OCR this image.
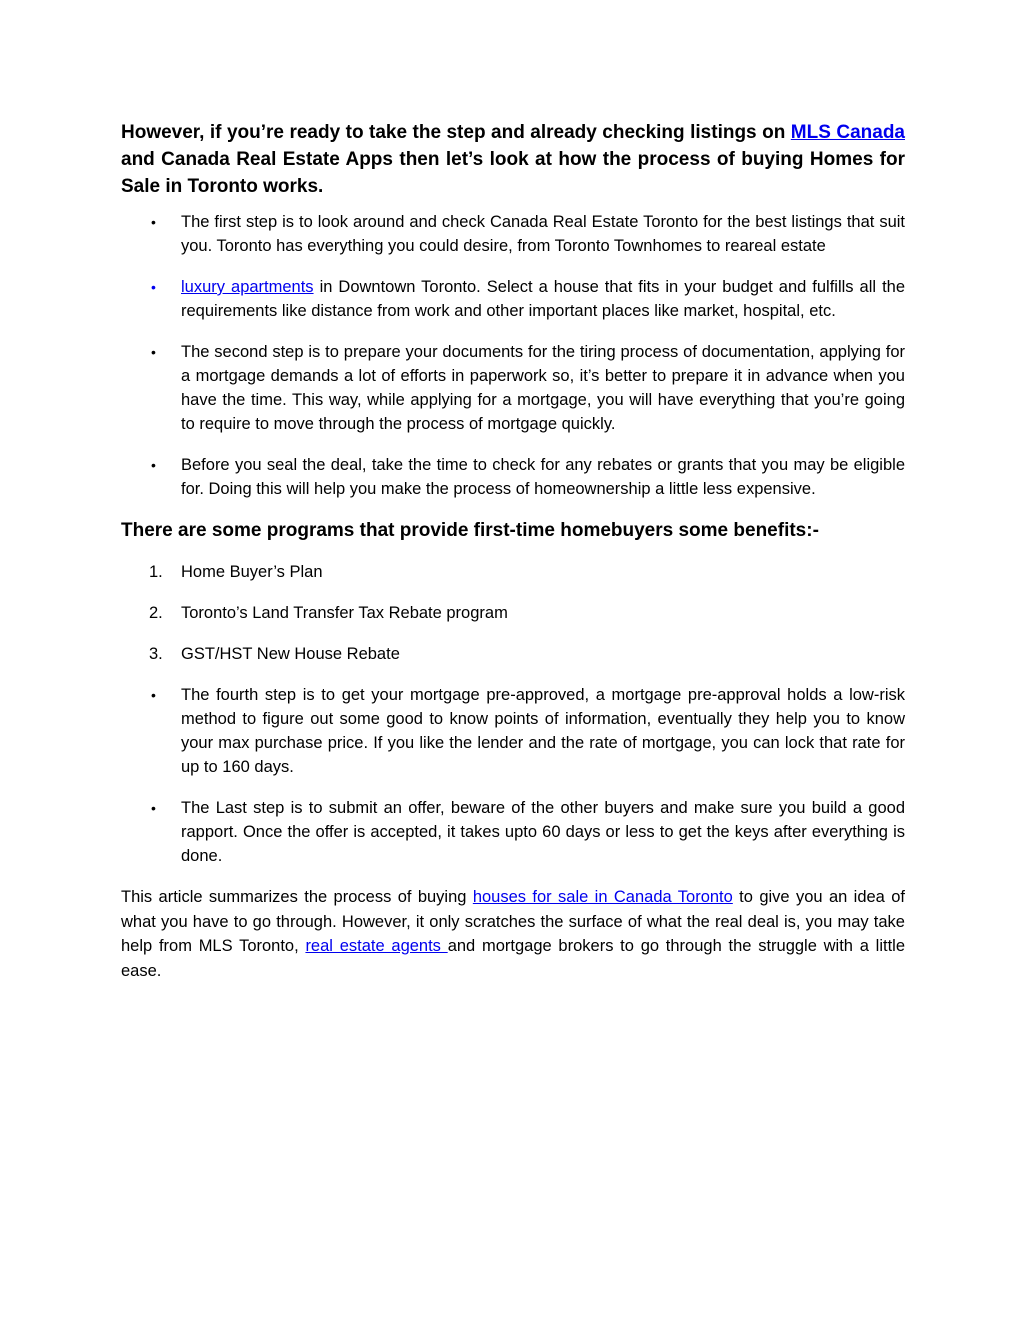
However, if you’re ready to take the step and already checking listings on MLS Canada and Canada Real Estate Apps then let’s look at how the process of buying Homes for Sale in Toronto works.

•	The first step is to look around and check Canada Real Estate Toronto for the best listings that suit you. Toronto has everything you could desire, from Toronto Townhomes to reareal estate
•	luxury apartments in Downtown Toronto. Select a house that fits in your budget and fulfills all the requirements like distance from work and other important places like market, hospital, etc.
•	The second step is to prepare your documents for the tiring process of documentation, applying for a mortgage demands a lot of efforts in paperwork so, it’s better to prepare it in advance when you have the time. This way, while applying for a mortgage, you will have everything that you’re going to require to move through the process of mortgage quickly.
•	Before you seal the deal, take the time to check for any rebates or grants that you may be eligible for. Doing this will help you make the process of homeownership a little less expensive.
There are some programs that provide first-time homebuyers some benefits:-
1.	Home Buyer’s Plan
2.	Toronto’s Land Transfer Tax Rebate program
3.	GST/HST New House Rebate
•	The fourth step is to get your mortgage pre-approved, a mortgage pre-approval holds a low-risk method to figure out some good to know points of information, eventually they help you to know your max purchase price. If you like the lender and the rate of mortgage, you can lock that rate for up to 160 days.
•	The Last step is to submit an offer, beware of the other buyers and make sure you build a good rapport. Once the offer is accepted, it takes upto 60 days or less to get the keys after everything is done.

This article summarizes the process of buying houses for sale in Canada Toronto to give you an idea of what you have to go through. However, it only scratches the surface of what the real deal is, you may take help from MLS Toronto, real estate agents and mortgage brokers to go through the struggle with a little ease.
